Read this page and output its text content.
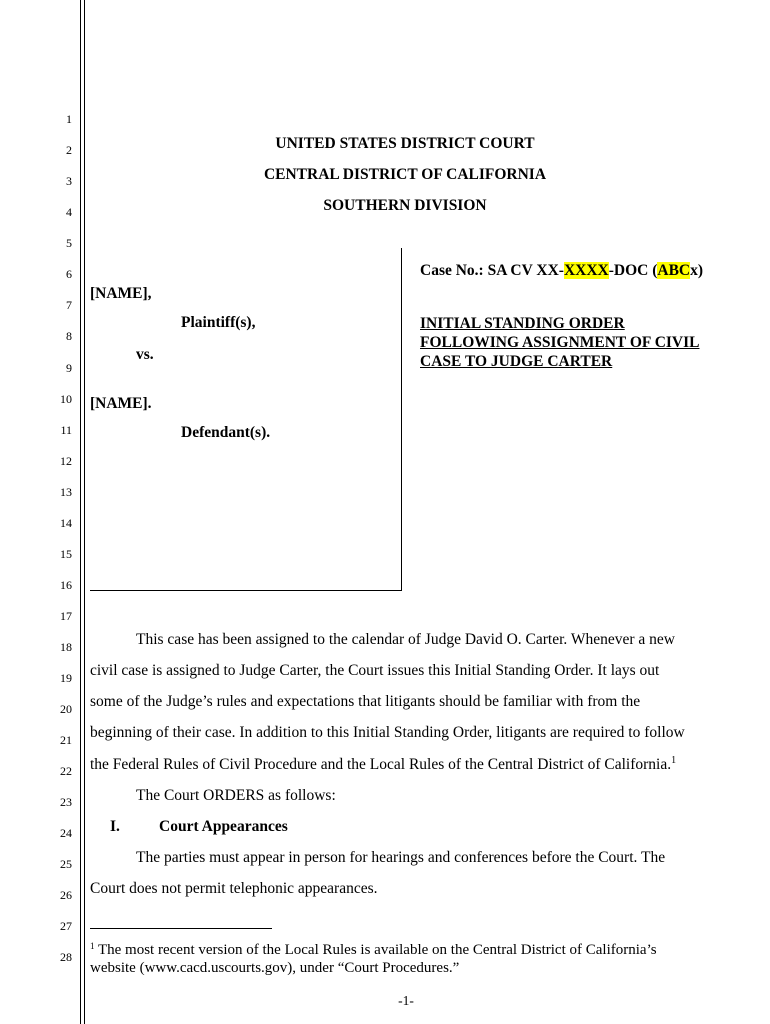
1
2
3
4
5
6
7
8
9
10
11
12
13
14
15
16
17
18
19
20
21
22
23
24
25
26
27
28
UNITED STATES DISTRICT COURT
CENTRAL DISTRICT OF CALIFORNIA
SOUTHERN DIVISION
[NAME],
Plaintiff(s),
vs.
[NAME].
Defendant(s).
Case No.: SA CV XX-XXXX-DOC (ABCx)
INITIAL STANDING ORDER
FOLLOWING ASSIGNMENT OF CIVIL
CASE TO JUDGE CARTER
This case has been assigned to the calendar of Judge David O. Carter. Whenever a new
civil case is assigned to Judge Carter, the Court issues this Initial Standing Order. It lays out
some of the Judge’s rules and expectations that litigants should be familiar with from the
beginning of their case. In addition to this Initial Standing Order, litigants are required to follow
the Federal Rules of Civil Procedure and the Local Rules of the Central District of California.$^1$
The Court ORDERS as follows:
I.	Court Appearances
The parties must appear in person for hearings and conferences before the Court. The
Court does not permit telephonic appearances.
$^1$ The most recent version of the Local Rules is available on the Central District of California’s
website (www.cacd.uscourts.gov), under “Court Procedures.”
-1-
